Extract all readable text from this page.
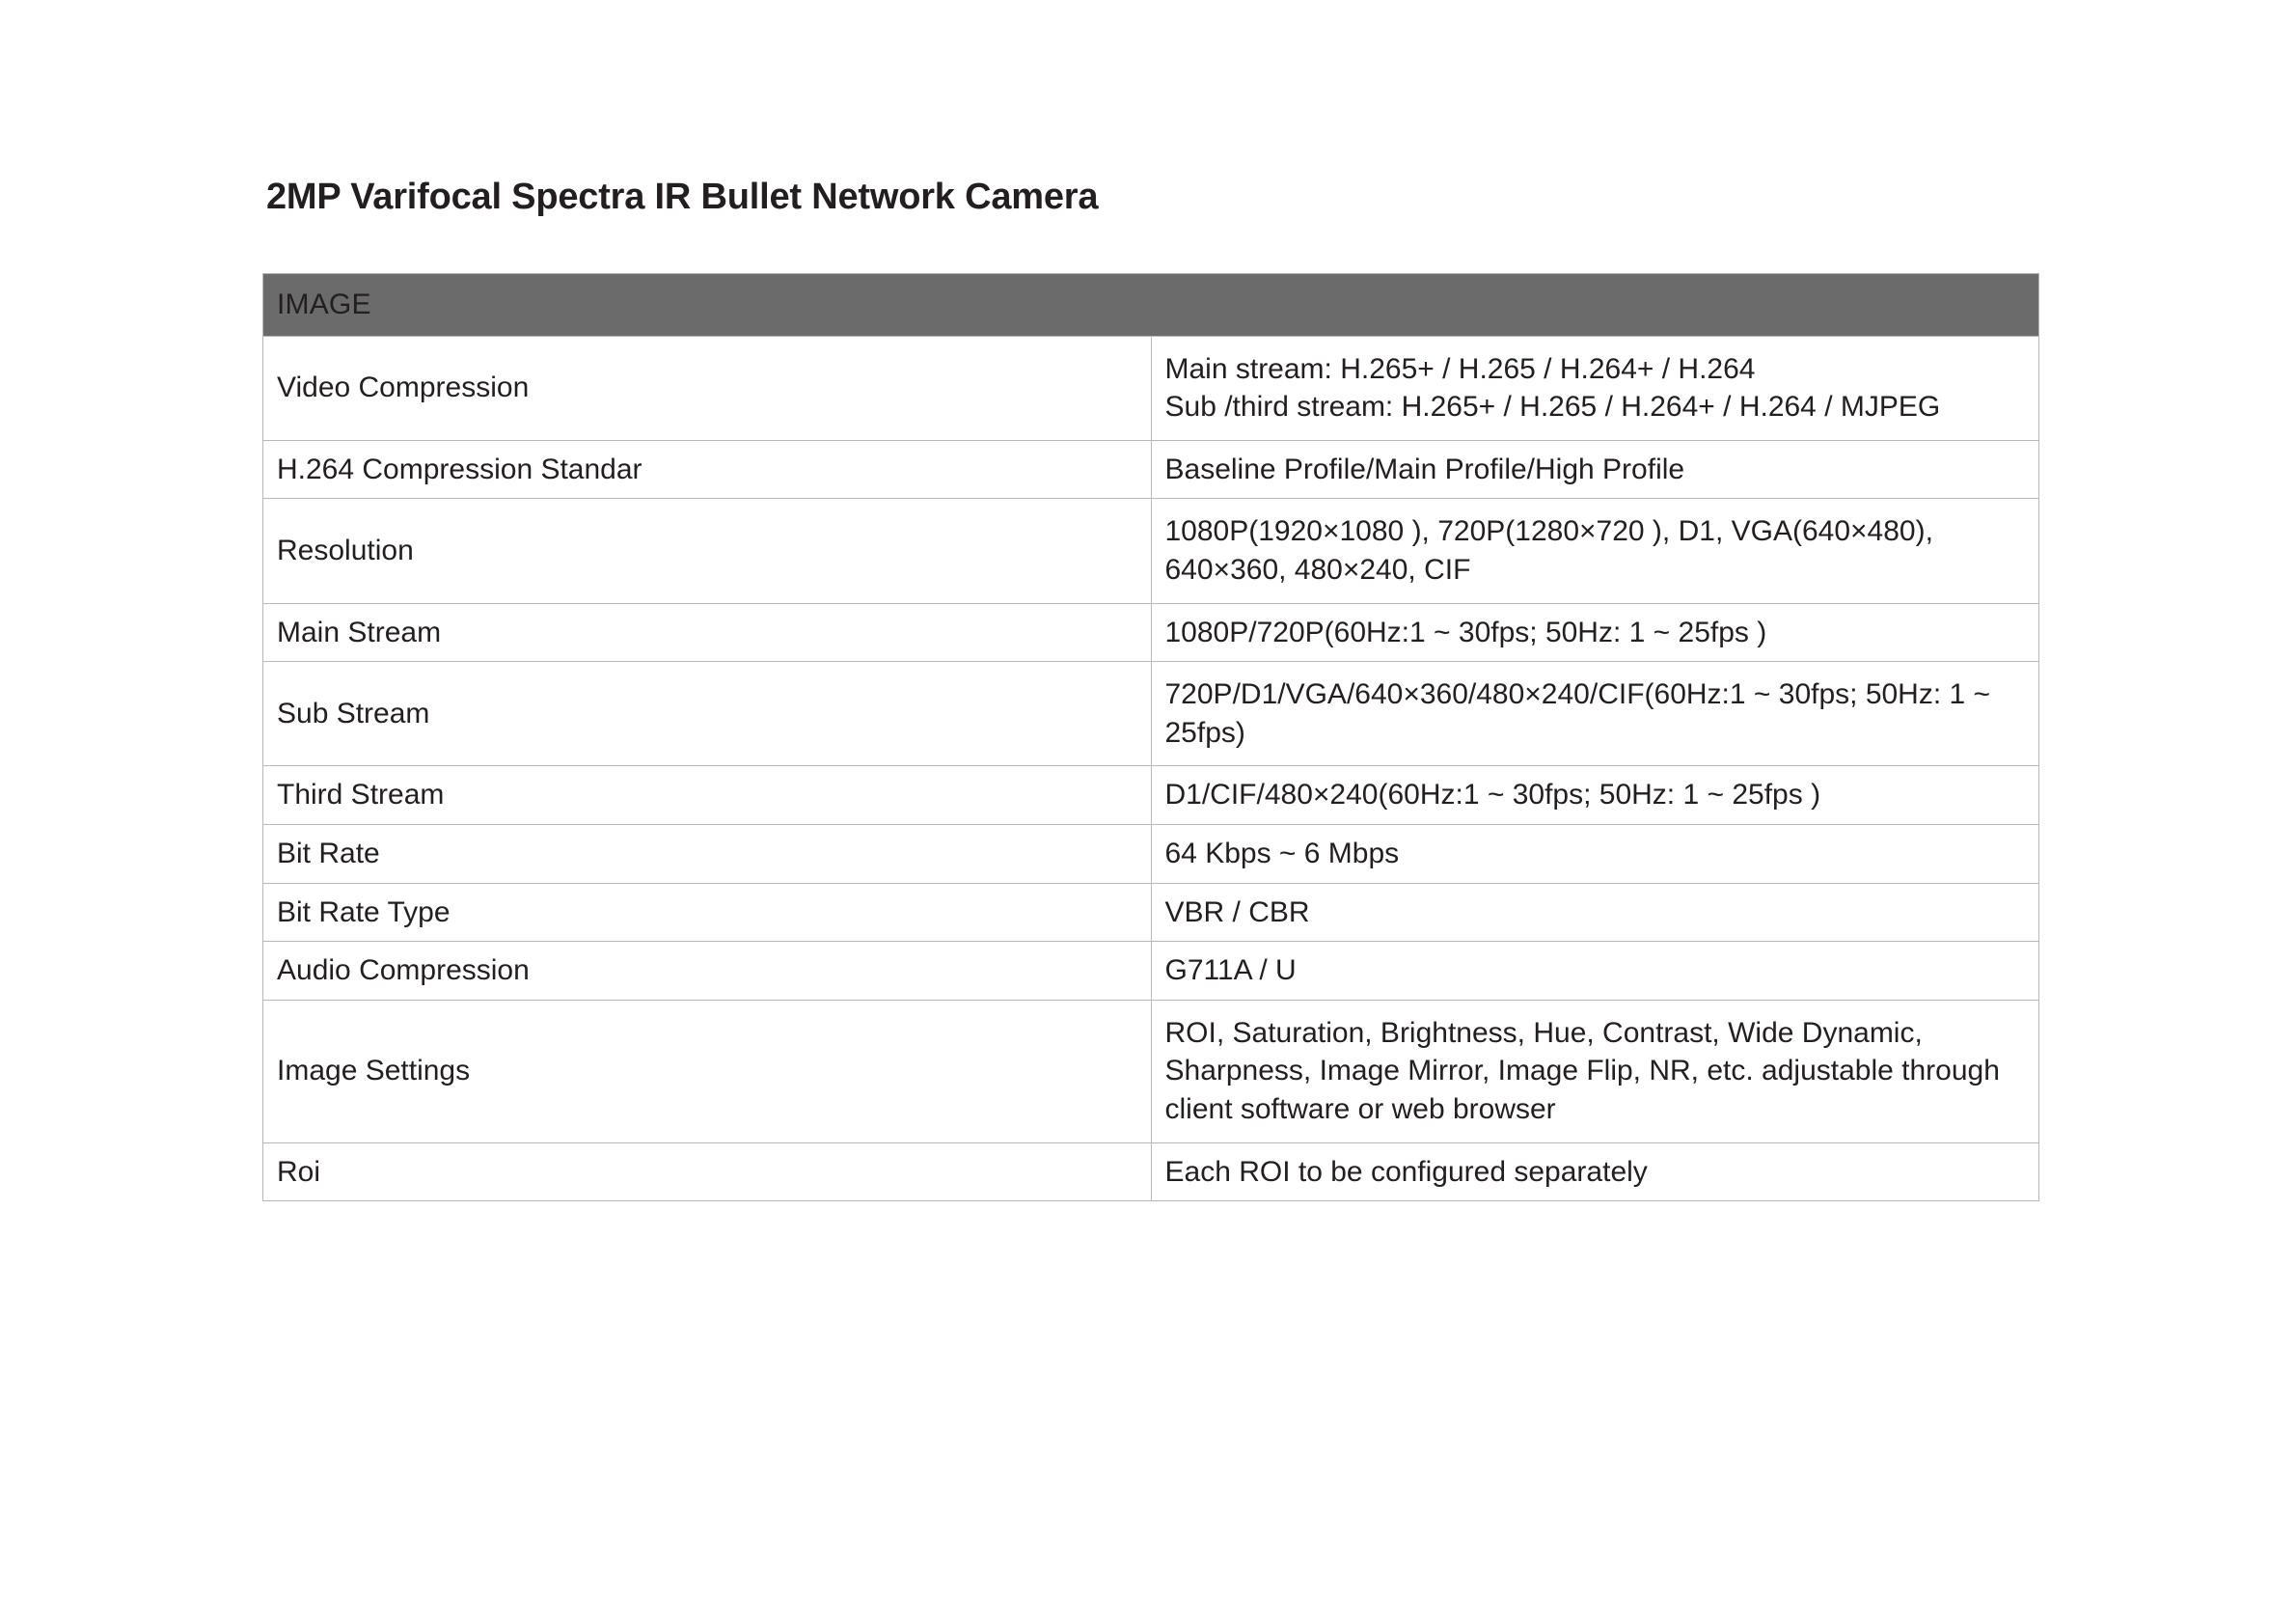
2MP Varifocal Spectra IR Bullet Network Camera
IMAGE	
Video Compression	Main stream: H.265+ / H.265 / H.264+ / H.264
Sub /third stream: H.265+ / H.265 / H.264+ / H.264 / MJPEG

H.264 Compression Standar	Baseline Profile/Main Profile/High Profile

Resolution	1080P(1920×1080 ), 720P(1280×720 ), D1, VGA(640×480), 640×360, 480×240, CIF

Main Stream	1080P/720P(60Hz:1 ~ 30fps; 50Hz: 1 ~ 25fps )

Sub Stream	720P/D1/VGA/640×360/480×240/CIF(60Hz:1 ~ 30fps; 50Hz: 1 ~ 25fps)

Third Stream	D1/CIF/480×240(60Hz:1 ~ 30fps; 50Hz: 1 ~ 25fps )

Bit Rate	64 Kbps ~ 6 Mbps

Bit Rate Type	VBR / CBR

Audio Compression	G711A / U

Image Settings	ROI, Saturation, Brightness, Hue, Contrast, Wide Dynamic, Sharpness, Image Mirror, Image Flip, NR, etc. adjustable through client software or web browser

Roi	Each ROI to be configured separately
